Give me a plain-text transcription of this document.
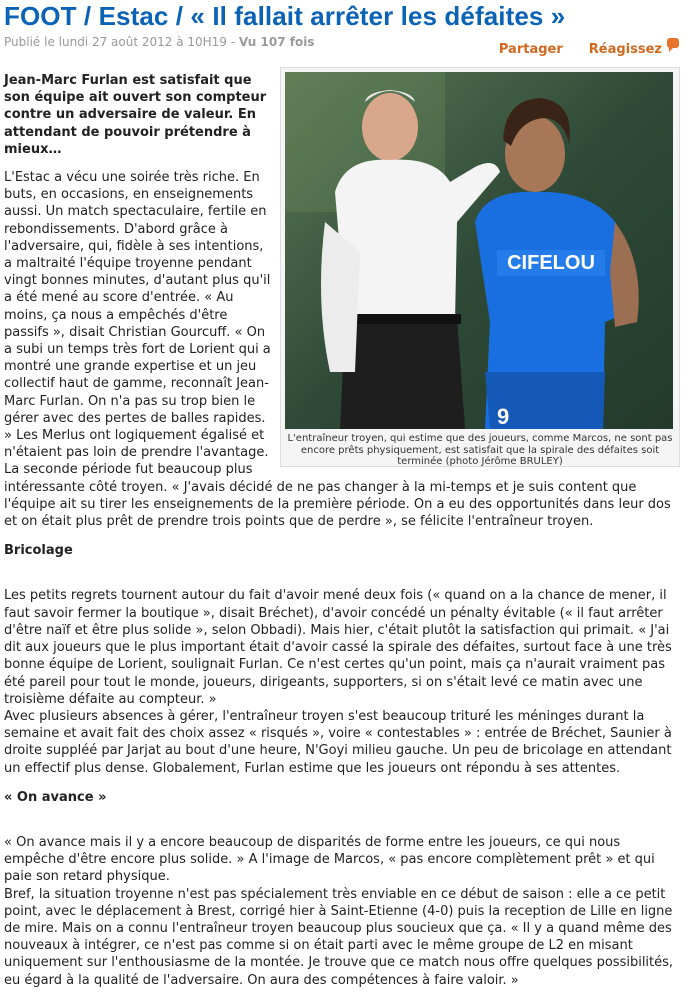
FOOT / Estac / « Il fallait arrêter les défaites »
Publié le lundi 27 août 2012 à 10H19 - Vu 107 fois	Partager Réagissez
CIFELOU
9
L'entraîneur troyen, qui estime que des joueurs, comme Marcos, ne sont pas encore prêts physiquement, est satisfait que la spirale des défaites soit terminée (photo Jérôme BRULEY)

Jean-Marc Furlan est satisfait que son équipe ait ouvert son compteur contre un adversaire de valeur. En attendant de pouvoir prétendre à mieux…

L'Estac a vécu une soirée très riche. En buts, en occasions, en enseignements aussi. Un match spectaculaire, fertile en rebondissements. D'abord grâce à l'adversaire, qui, fidèle à ses intentions, a maltraité l'équipe troyenne pendant vingt bonnes minutes, d'autant plus qu'il a été mené au score d'entrée. « Au moins, ça nous a empêchés d'être passifs », disait Christian Gourcuff. « On a subi un temps très fort de Lorient qui a montré une grande expertise et un jeu collectif haut de gamme, reconnaît Jean-Marc Furlan. On n'a pas su trop bien le gérer avec des pertes de balles rapides. » Les Merlus ont logiquement égalisé et n'étaient pas loin de prendre l'avantage.

La seconde période fut beaucoup plus intéressante côté troyen. « J'avais décidé de ne pas changer à la mi-temps et je suis content que l'équipe ait su tirer les enseignements de la première période. On a eu des opportunités dans leur dos et on était plus prêt de prendre trois points que de perdre », se félicite l'entraîneur troyen.

Bricolage

Les petits regrets tournent autour du fait d'avoir mené deux fois (« quand on a la chance de mener, il faut savoir fermer la boutique », disait Bréchet), d'avoir concédé un pénalty évitable (« il faut arrêter d'être naïf et être plus solide », selon Obbadi). Mais hier, c'était plutôt la satisfaction qui primait. « J'ai dit aux joueurs que le plus important était d'avoir cassé la spirale des défaites, surtout face à une très bonne équipe de Lorient, soulignait Furlan. Ce n'est certes qu'un point, mais ça n'aurait vraiment pas été pareil pour tout le monde, joueurs, dirigeants, supporters, si on s'était levé ce matin avec une troisième défaite au compteur. »

Avec plusieurs absences à gérer, l'entraîneur troyen s'est beaucoup trituré les méninges durant la semaine et avait fait des choix assez « risqués », voire « contestables » : entrée de Bréchet, Saunier à droite suppléé par Jarjat au bout d'une heure, N'Goyi milieu gauche. Un peu de bricolage en attendant un effectif plus dense. Globalement, Furlan estime que les joueurs ont répondu à ses attentes.

« On avance »

« On avance mais il y a encore beaucoup de disparités de forme entre les joueurs, ce qui nous empêche d'être encore plus solide. » A l'image de Marcos, « pas encore complètement prêt » et qui paie son retard physique.

Bref, la situation troyenne n'est pas spécialement très enviable en ce début de saison : elle a ce petit point, avec le déplacement à Brest, corrigé hier à Saint-Etienne (4-0) puis la reception de Lille en ligne de mire. Mais on a connu l'entraîneur troyen beaucoup plus soucieux que ça. « Il y a quand même des nouveaux à intégrer, ce n'est pas comme si on était parti avec le même groupe de L2 en misant uniquement sur l'enthousiasme de la montée. Je trouve que ce match nous offre quelques possibilités, eu égard à la qualité de l'adversaire. On aura des compétences à faire valoir. »
